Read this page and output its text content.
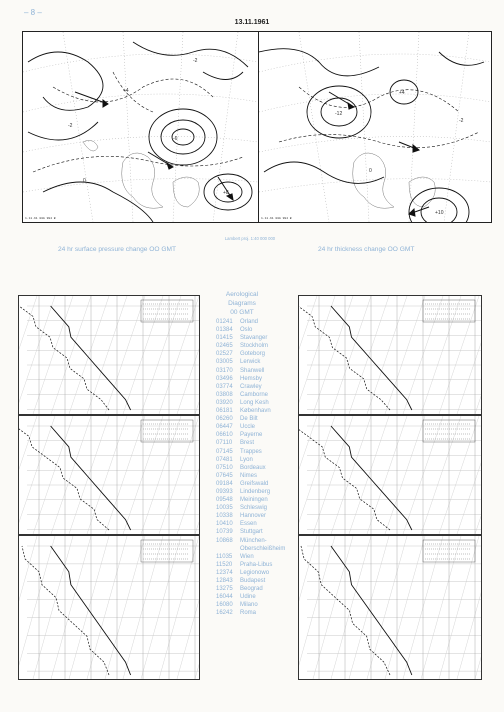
– 8 –
13.11.1961
-2
-6
+8
+4
0
-2
1.11.61 00G 994 B
-12
+10
+4
0
-2
1.11.61 00G 994 B
24 hr surface pressure change OO GMT
Lambert proj. 1:40 000 000
24 hr thickness change OO GMT
Aerological
Diagrams
00 GMT
01241	Orland
01384	Oslo
01415	Stavanger
02465	Stockholm
02527	Goteborg
03005	Lerwick
03170	Shanwell
03496	Hemsby
03774	Crawley
03808	Camborne
03920	Long Kesh
06181	København
06260	De Bilt
06447	Uccle
06610	Payerne
07110	Brest
07145	Trappes
07481	Lyon
07510	Bordeaux
07645	Nimes
09184	Greifswald
09393	Lindenberg
09548	Meiningen
10035	Schleswig
10338	Hannover
10410	Essen
10739	Stuttgart
10868	München-
Oberschleißheim
11035	Wien
11520	Praha-Libus
12374	Legionowo
12843	Budapest
13275	Beograd
16044	Udine
16080	Milano
16242	Roma
